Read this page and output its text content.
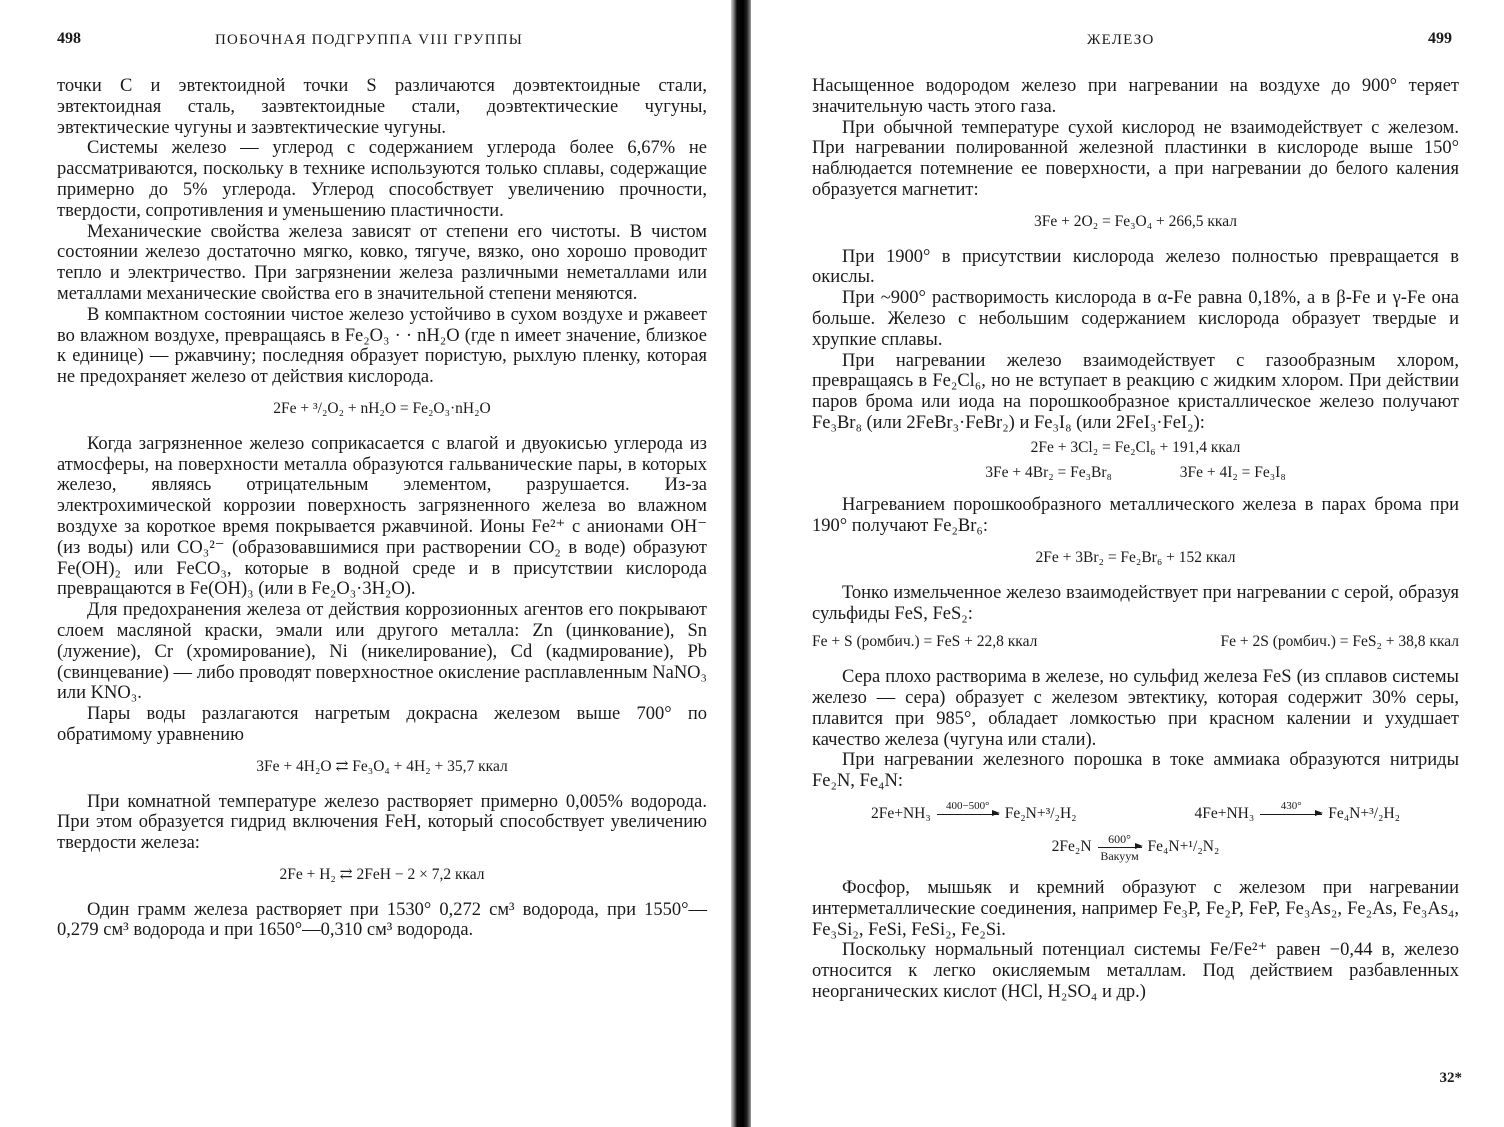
498	ПОБОЧНАЯ ПОДГРУППА VIII ГРУППЫ

точки C и эвтектоидной точки S различаются доэвтектоидные стали, эвтектоидная сталь, заэвтектоидные стали, доэвтектические чугуны, эвтектические чугуны и заэвтектические чугуны.

Системы железо — углерод с содержанием углерода более 6,67% не рассматриваются, поскольку в технике используются только сплавы, содержащие примерно до 5% углерода. Углерод способствует увеличению прочности, твердости, сопротивления и уменьшению пластичности.

Механические свойства железа зависят от степени его чистоты. В чистом состоянии железо достаточно мягко, ковко, тягуче, вязко, оно хорошо проводит тепло и электричество. При загрязнении железа различными неметаллами или металлами механические свойства его в значительной степени меняются.

В компактном состоянии чистое железо устойчиво в сухом воздухе и ржавеет во влажном воздухе, превращаясь в Fe₂O₃ · · nH₂O (где n имеет значение, близкое к единице) — ржавчину; последняя образует пористую, рыхлую пленку, которая не предохраняет железо от действия кислорода.

2Fe + ³/₂O₂ + nH₂O = Fe₂O₃·nH₂O

Когда загрязненное железо соприкасается с влагой и двуокисью углерода из атмосферы, на поверхности металла образуются гальванические пары, в которых железо, являясь отрицательным элементом, разрушается. Из-за электрохимической коррозии поверхность загрязненного железа во влажном воздухе за короткое время покрывается ржавчиной. Ионы Fe²⁺ с анионами OH⁻ (из воды) или CO₃²⁻ (образовавшимися при растворении CO₂ в воде) образуют Fe(OH)₂ или FeCO₃, которые в водной среде и в присутствии кислорода превращаются в Fe(OH)₃ (или в Fe₂O₃·3H₂O).

Для предохранения железа от действия коррозионных агентов его покрывают слоем масляной краски, эмали или другого металла: Zn (цинкование), Sn (лужение), Cr (хромирование), Ni (никелирование), Cd (кадмирование), Pb (свинцевание) — либо проводят поверхностное окисление расплавленным NaNO₃ или KNO₃.

Пары воды разлагаются нагретым докрасна железом выше 700° по обратимому уравнению

3Fe + 4H₂O ⇄ Fe₃O₄ + 4H₂ + 35,7 ккал

При комнатной температуре железо растворяет примерно 0,005% водорода. При этом образуется гидрид включения FeH, который способствует увеличению твердости железа:

2Fe + H₂ ⇄ 2FeH − 2 × 7,2 ккал

Один грамм железа растворяет при 1530° 0,272 см³ водорода, при 1550°—0,279 см³ водорода и при 1650°—0,310 см³ водорода.

ЖЕЛЕЗО	499

Насыщенное водородом железо при нагревании на воздухе до 900° теряет значительную часть этого газа.

При обычной температуре сухой кислород не взаимодействует с железом. При нагревании полированной железной пластинки в кислороде выше 150° наблюдается потемнение ее поверхности, а при нагревании до белого каления образуется магнетит:

3Fe + 2O₂ = Fe₃O₄ + 266,5 ккал

При 1900° в присутствии кислорода железо полностью превращается в окислы.

При ~900° растворимость кислорода в α-Fe равна 0,18%, а в β-Fe и γ-Fe она больше. Железо с небольшим содержанием кислорода образует твердые и хрупкие сплавы.

При нагревании железо взаимодействует с газообразным хлором, превращаясь в Fe₂Cl₆, но не вступает в реакцию с жидким хлором. При действии паров брома или иода на порошкообразное кристаллическое железо получают Fe₃Br₈ (или 2FeBr₃·FeBr₂) и Fe₃I₈ (или 2FeI₃·FeI₂):

2Fe + 3Cl₂ = Fe₂Cl₆ + 191,4 ккал
3Fe + 4Br₂ = Fe₃Br₈	3Fe + 4I₂ = Fe₃I₈

Нагреванием порошкообразного металлического железа в парах брома при 190° получают Fe₂Br₆:

2Fe + 3Br₂ = Fe₂Br₆ + 152 ккал

Тонко измельченное железо взаимодействует при нагревании с серой, образуя сульфиды FeS, FeS₂:

Fe + S (ромбич.) = FeS + 22,8 ккал	Fe + 2S (ромбич.) = FeS₂ + 38,8 ккал

Сера плохо растворима в железе, но сульфид железа FeS (из сплавов системы железо — сера) образует с железом эвтектику, которая содержит 30% серы, плавится при 985°, обладает ломкостью при красном калении и ухудшает качество железа (чугуна или стали).

При нагревании железного порошка в токе аммиака образуются нитриды Fe₂N, Fe₄N:

2Fe+NH₃ 400−500°
Fe₂N+³/₂H₂	4Fe+NH₃ 430°
Fe₄N+³/₂H₂
2Fe₂N 600°
Вакуум
Fe₄N+¹/₂N₂

Фосфор, мышьяк и кремний образуют с железом при нагревании интерметаллические соединения, например Fe₃P, Fe₂P, FeP, Fe₃As₂, Fe₂As, Fe₃As₄, Fe₃Si₂, FeSi, FeSi₂, Fe₂Si.

Поскольку нормальный потенциал системы Fe/Fe²⁺ равен −0,44 в, железо относится к легко окисляемым металлам. Под действием разбавленных неорганических кислот (HCl, H₂SO₄ и др.)

32*
